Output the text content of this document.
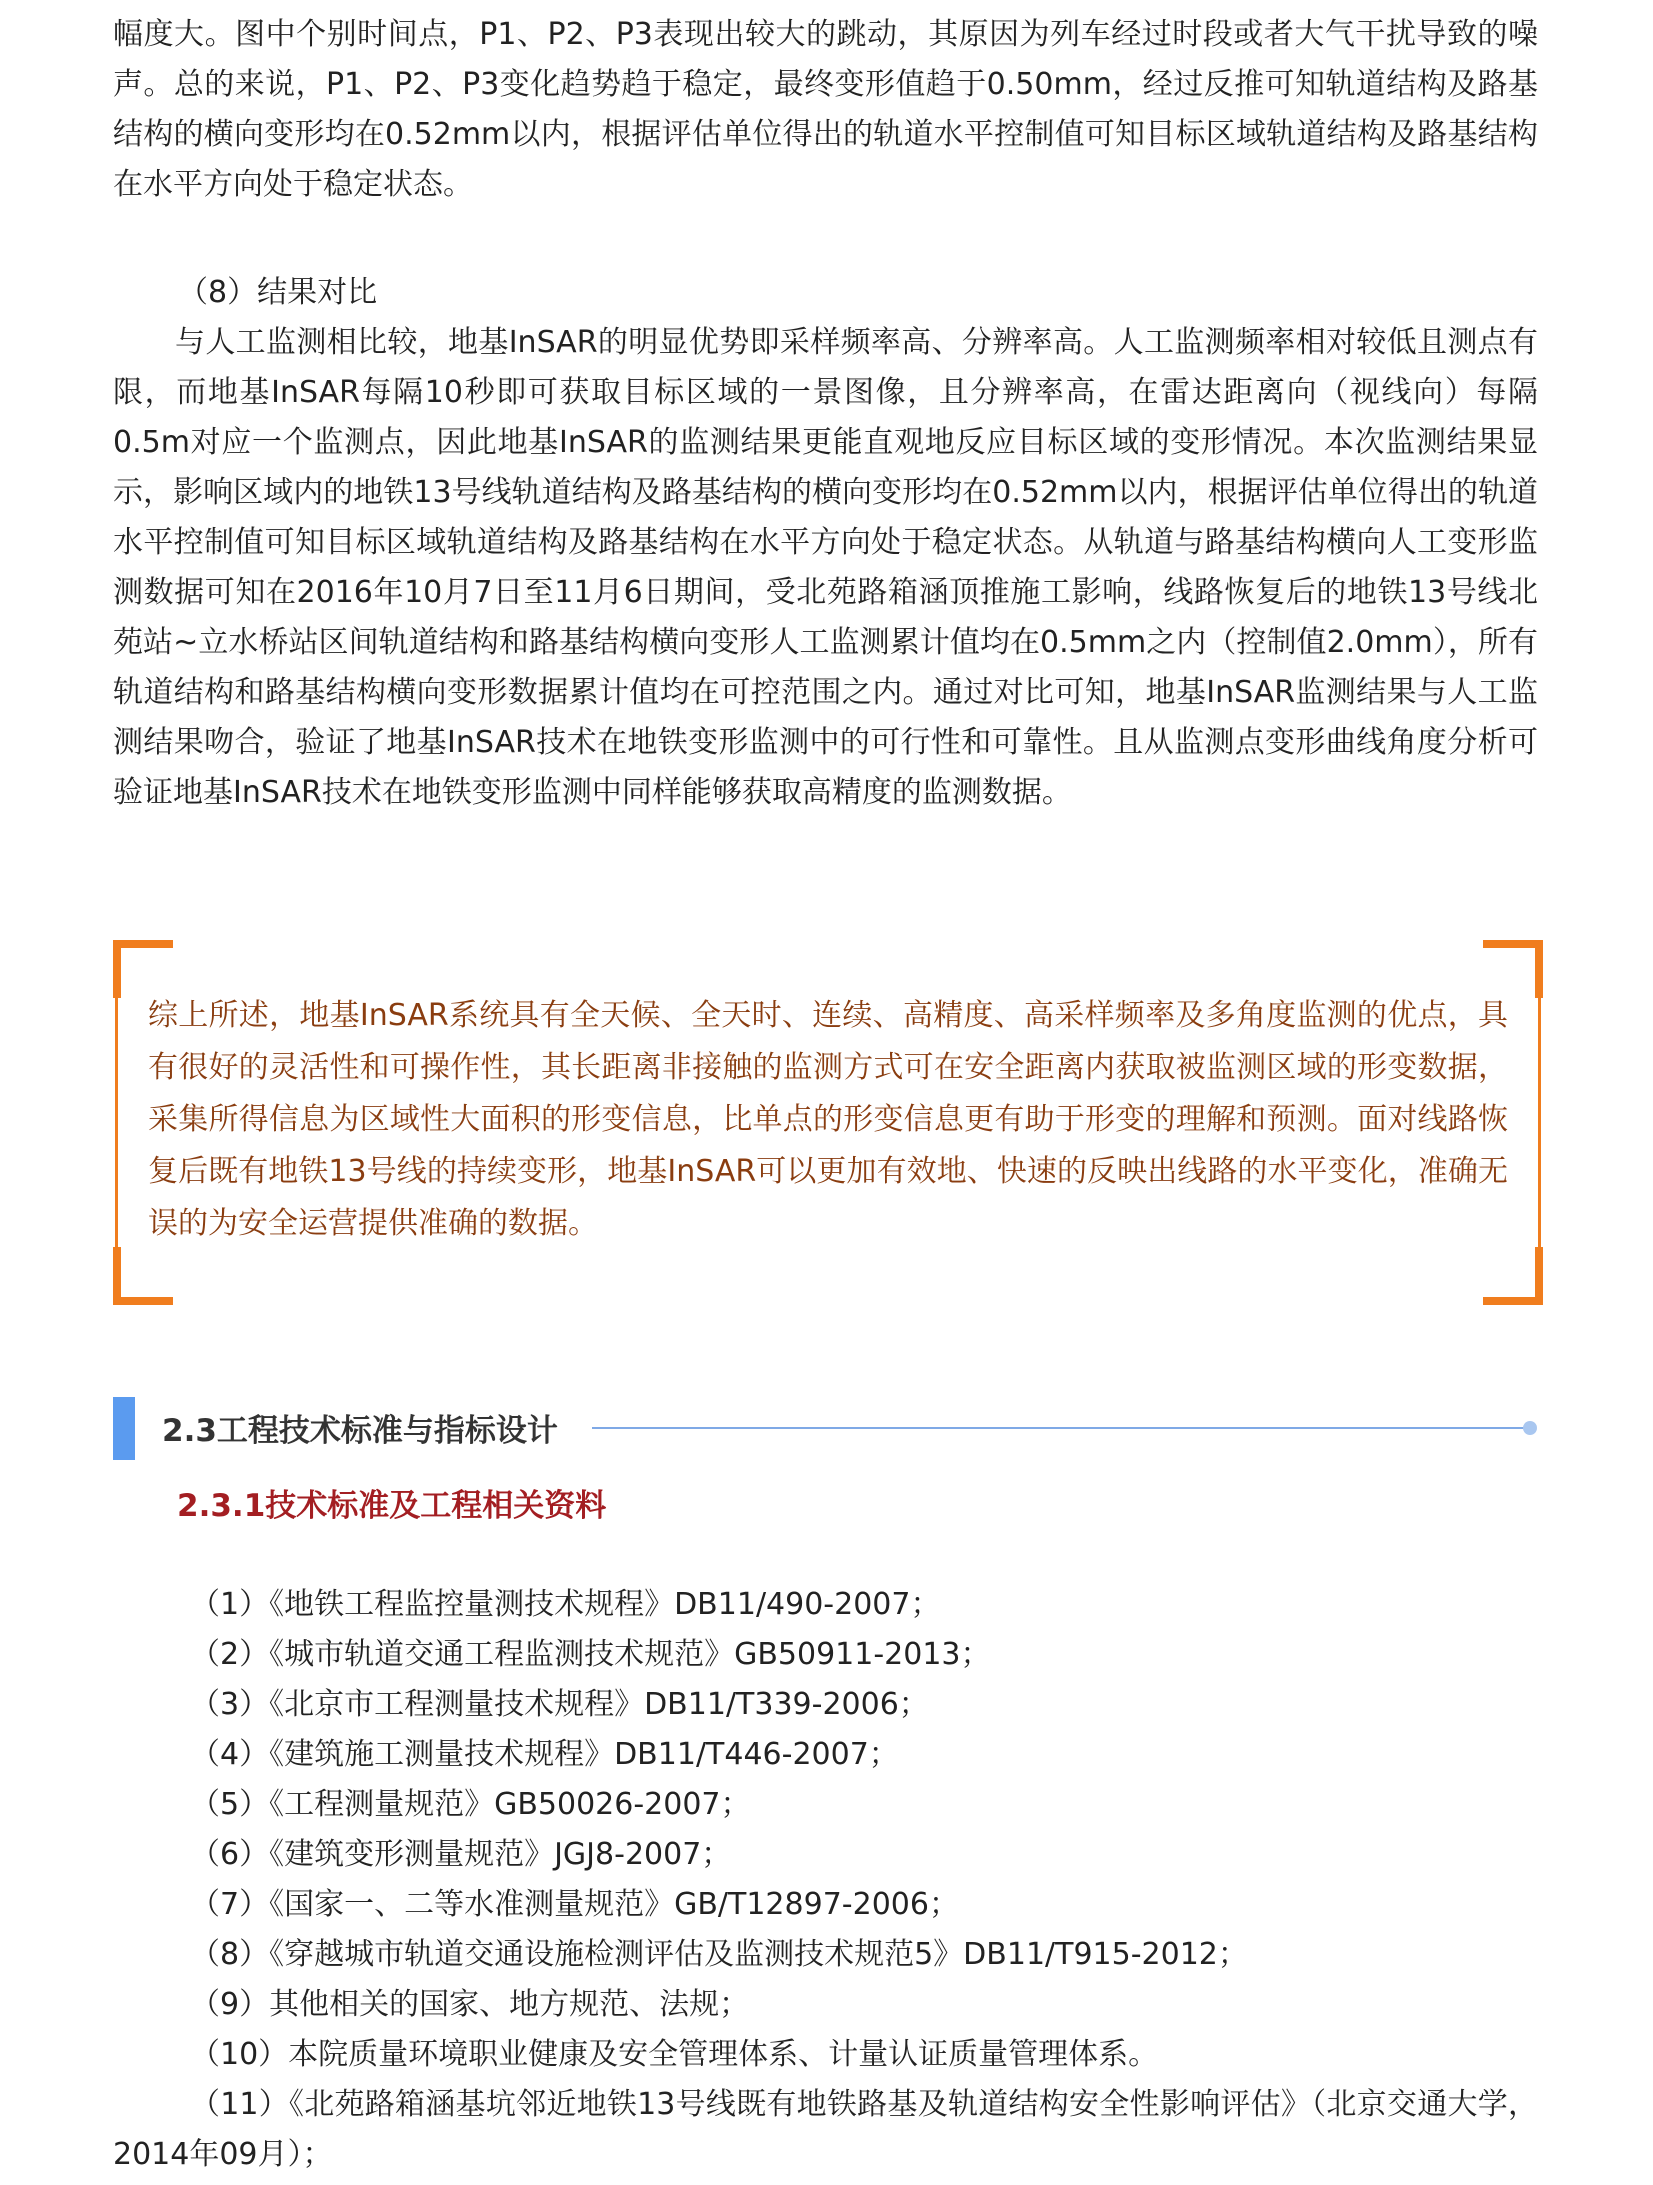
幅度大。图中个别时间点，P1、P2、P3表现出较大的跳动，其原因为列车经过时段或者大气干扰导致的噪声。总的来说，P1、P2、P3变化趋势趋于稳定，最终变形值趋于0.50mm，经过反推可知轨道结构及路基结构的横向变形均在0.52mm以内，根据评估单位得出的轨道水平控制值可知目标区域轨道结构及路基结构在水平方向处于稳定状态。

（8）结果对比

与人工监测相比较，地基InSAR的明显优势即采样频率高、分辨率高。人工监测频率相对较低且测点有限，而地基InSAR每隔10秒即可获取目标区域的一景图像，且分辨率高，在雷达距离向（视线向）每隔0.5m对应一个监测点，因此地基InSAR的监测结果更能直观地反应目标区域的变形情况。本次监测结果显示，影响区域内的地铁13号线轨道结构及路基结构的横向变形均在0.52mm以内，根据评估单位得出的轨道水平控制值可知目标区域轨道结构及路基结构在水平方向处于稳定状态。从轨道与路基结构横向人工变形监测数据可知在2016年10月7日至11月6日期间，受北苑路箱涵顶推施工影响，线路恢复后的地铁13号线北苑站~立水桥站区间轨道结构和路基结构横向变形人工监测累计值均在0.5mm之内（控制值2.0mm），所有轨道结构和路基结构横向变形数据累计值均在可控范围之内。通过对比可知，地基InSAR监测结果与人工监测结果吻合，验证了地基InSAR技术在地铁变形监测中的可行性和可靠性。且从监测点变形曲线角度分析可验证地基InSAR技术在地铁变形监测中同样能够获取高精度的监测数据。

综上所述，地基InSAR系统具有全天候、全天时、连续、高精度、高采样频率及多角度监测的优点，具有很好的灵活性和可操作性，其长距离非接触的监测方式可在安全距离内获取被监测区域的形变数据，采集所得信息为区域性大面积的形变信息，比单点的形变信息更有助于形变的理解和预测。面对线路恢复后既有地铁13号线的持续变形，地基InSAR可以更加有效地、快速的反映出线路的水平变化，准确无误的为安全运营提供准确的数据。

2.3工程技术标准与指标设计
2.3.1技术标准及工程相关资料
（1）《地铁工程监控量测技术规程》DB11/490-2007；
（2）《城市轨道交通工程监测技术规范》GB50911-2013；
（3）《北京市工程测量技术规程》DB11/T339-2006；
（4）《建筑施工测量技术规程》DB11/T446-2007；
（5）《工程测量规范》GB50026-2007；
（6）《建筑变形测量规范》JGJ8-2007；
（7）《国家一、二等水准测量规范》GB/T12897-2006；
（8）《穿越城市轨道交通设施检测评估及监测技术规范5》DB11/T915-2012；
（9）其他相关的国家、地方规范、法规；
（10）本院质量环境职业健康及安全管理体系、计量认证质量管理体系。

（11）《北苑路箱涵基坑邻近地铁13号线既有地铁路基及轨道结构安全性影响评估》（北京交通大学，2014年09月）；
